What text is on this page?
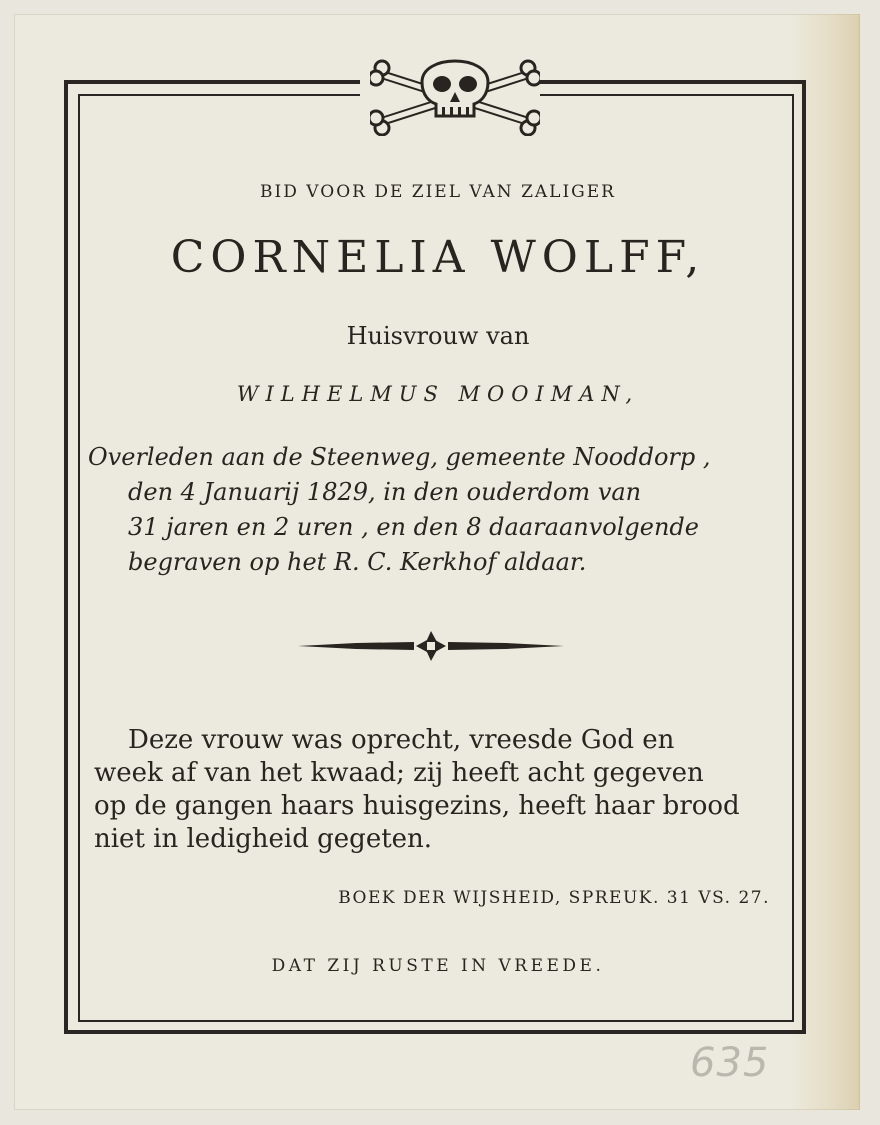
BID VOOR DE ZIEL VAN ZALIGER
CORNELIA WOLFF,
Huisvrouw van
WILHELMUS MOOIMAN,
Overleden aan de Steenweg, gemeente Nooddorp ,
den 4 Januarij 1829, in den ouderdom van
31 jaren en 2 uren , en den 8 daaraanvolgende
begraven op het R. C. Kerkhof aldaar.
Deze vrouw was oprecht, vreesde God en
week af van het kwaad; zij heeft acht gegeven
op de gangen haars huisgezins, heeft haar brood
niet in ledigheid gegeten.
BOEK DER WIJSHEID, SPREUK. 31 VS. 27.
DAT ZIJ RUSTE IN VREEDE.
635
